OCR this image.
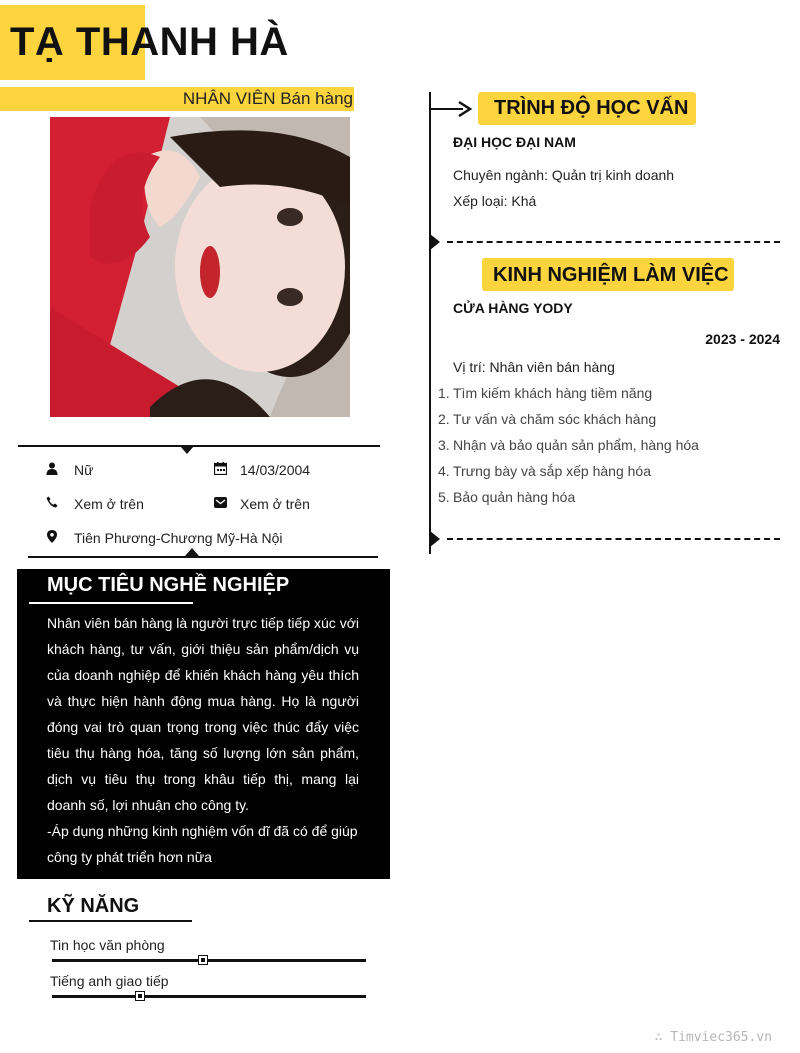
TẠ THANH HÀ
NHÂN VIÊN Bán hàng
Nữ	14/03/2004
Xem ở trên	Xem ở trên
Tiên Phương-Chương Mỹ-Hà Nội
MỤC TIÊU NGHỀ NGHIỆP
Nhân viên bán hàng là người trực tiếp tiếp xúc với khách hàng, tư vấn, giới thiệu sản phẩm/dịch vụ của doanh nghiệp để khiến khách hàng yêu thích và thực hiện hành động mua hàng. Họ là người đóng vai trò quan trọng trong việc thúc đẩy việc tiêu thụ hàng hóa, tăng số lượng lớn sản phẩm, dịch vụ tiêu thụ trong khâu tiếp thị, mang lại doanh số, lợi nhuận cho công ty.
-Áp dụng những kinh nghiệm vốn dĩ đã có để giúp công ty phát triển hơn nữa
KỸ NĂNG
Tin học văn phòng
Tiếng anh giao tiếp
TRÌNH ĐỘ HỌC VẤN
ĐẠI HỌC ĐẠI NAM
Chuyên ngành: Quản trị kinh doanh
Xếp loại: Khá
KINH NGHIỆM LÀM VIỆC
CỬA HÀNG YODY
2023 - 2024
Vị trí: Nhân viên bán hàng
1. Tìm kiếm khách hàng tiềm năng
2. Tư vấn và chăm sóc khách hàng
3. Nhận và bảo quản sản phẩm, hàng hóa
4. Trưng bày và sắp xếp hàng hóa
5. Bảo quản hàng hóa
∴ Timviec365.vn
